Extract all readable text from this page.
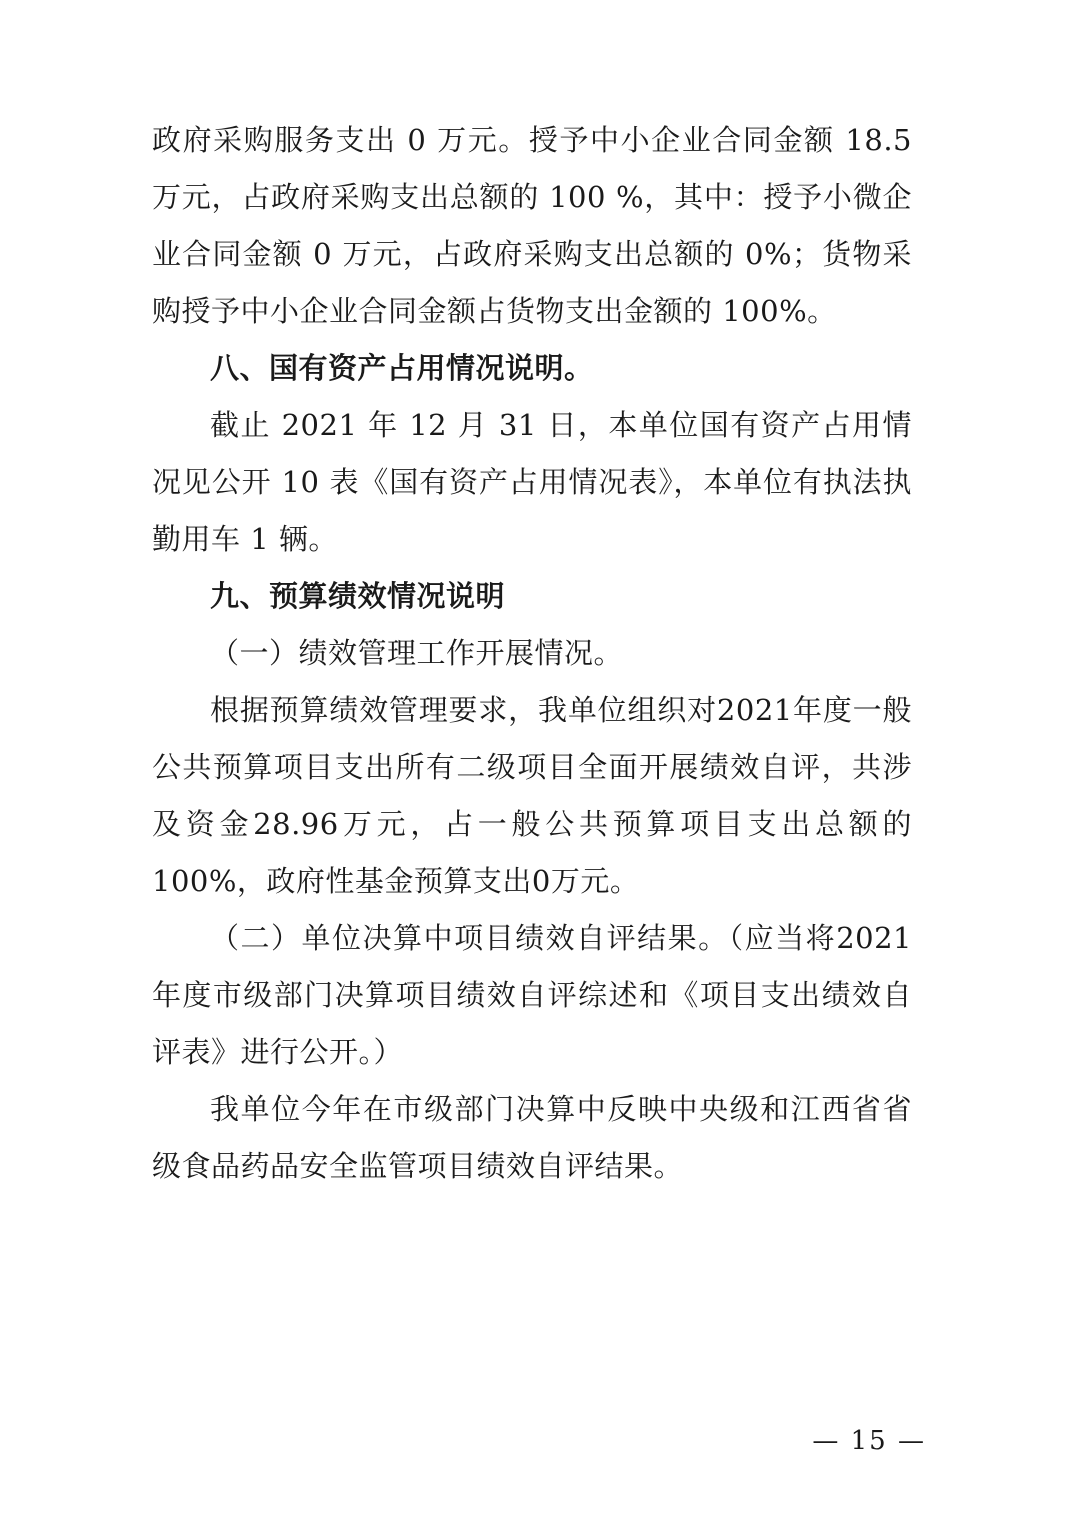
政府采购服务支出 0 万元。授予中小企业合同金额 18.5 万元，占政府采购支出总额的 100 %，其中：授予小微企业合同金额 0 万元，占政府采购支出总额的 0%；货物采购授予中小企业合同金额占货物支出金额的 100%。

八、国有资产占用情况说明。

截止 2021 年 12 月 31 日，本单位国有资产占用情况见公开 10 表《国有资产占用情况表》，本单位有执法执勤用车 1 辆。

九、预算绩效情况说明

（一）绩效管理工作开展情况。

根据预算绩效管理要求，我单位组织对2021年度一般公共预算项目支出所有二级项目全面开展绩效自评，共涉及资金28.96万元，占一般公共预算项目支出总额的100%，政府性基金预算支出0万元。

（二）单位决算中项目绩效自评结果。（应当将2021年度市级部门决算项目绩效自评综述和《项目支出绩效自评表》进行公开。）

我单位今年在市级部门决算中反映中央级和江西省省级食品药品安全监管项目绩效自评结果。

— 15 —
